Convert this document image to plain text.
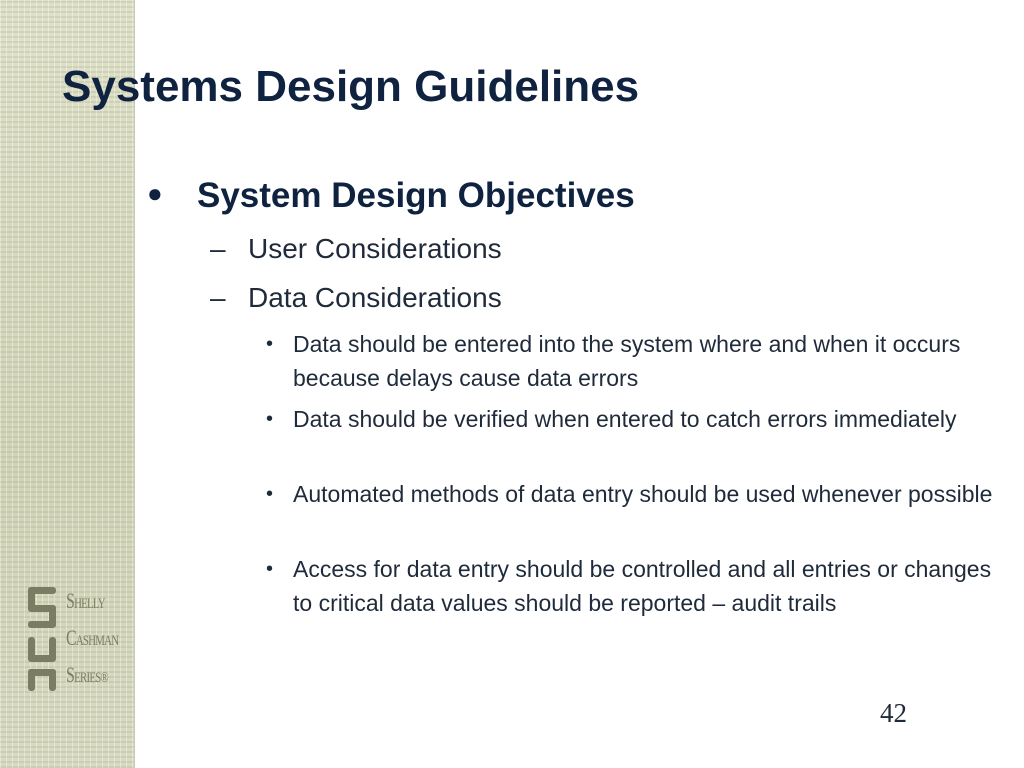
Systems Design Guidelines
● System Design Objectives
– User Considerations
– Data Considerations
• Data should be entered into the system where and when it occurs because delays cause data errors
• Data should be verified when entered to catch errors immediately
• Automated methods of data entry should be used whenever possible
• Access for data entry should be controlled and all entries or changes to critical data values should be reported – audit trails
SHELLY
CASHMAN
SERIES®
42
